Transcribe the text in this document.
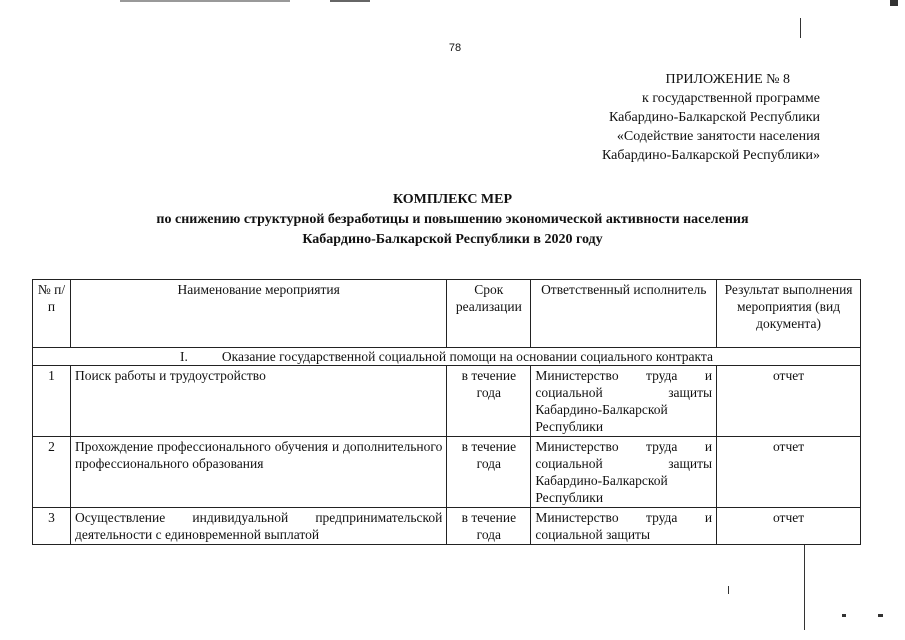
78
ПРИЛОЖЕНИЕ № 8
к государственной программе
Кабардино-Балкарской Республики
«Содействие занятости населения
Кабардино-Балкарской Республики»
КОМПЛЕКС МЕР
по снижению структурной безработицы и повышению экономической активности населения
Кабардино-Балкарской Республики в 2020 году
№ п/п	Наименование мероприятия	Срок реализации	Ответственный исполнитель	Результат выполнения мероприятия (вид документа)
I. Оказание государственной социальной помощи на основании социального контракта				
1	Поиск работы и трудоустройство	в течение года	Министерство труда и социальной защиты Кабардино-Балкарской Республики	отчет
2	Прохождение профессионального обучения и дополнительного профессионального образования	в течение года	Министерство труда и социальной защиты Кабардино-Балкарской Республики	отчет
3	Осуществление индивидуальной предпринимательской деятельности с единовременной выплатой	в течение года	Министерство труда и социальной защиты	отчет
